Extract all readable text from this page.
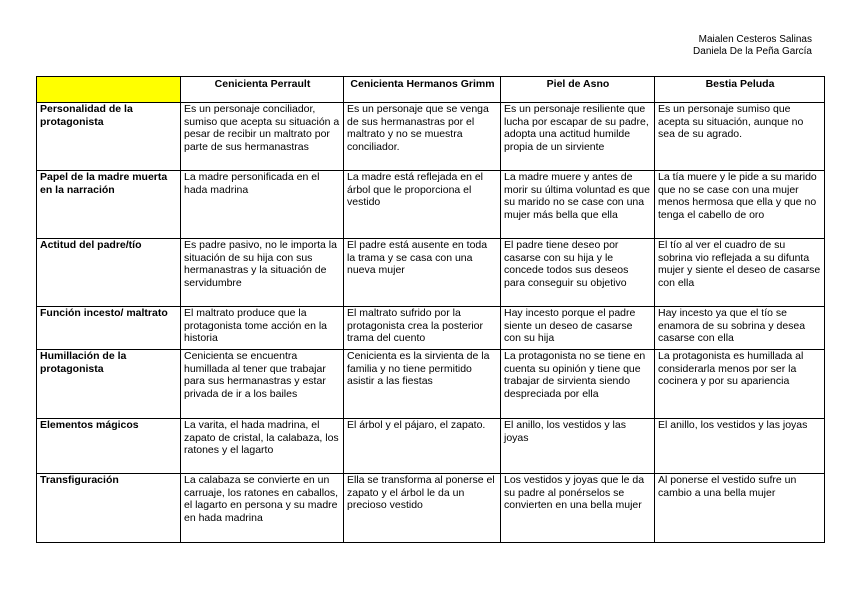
Maialen Cesteros Salinas
Daniela De la Peña García
	Cenicienta Perrault	Cenicienta Hermanos Grimm	Piel de Asno	Bestia Peluda
Personalidad de la protagonista	Es un personaje conciliador, sumiso que acepta su situación a pesar de recibir un maltrato por parte de sus hermanastras	Es un personaje que se venga de sus hermanastras por el maltrato y no se muestra conciliador.	Es un personaje resiliente que lucha por escapar de su padre, adopta una actitud humilde propia de un sirviente	Es un personaje sumiso que acepta su situación, aunque no sea de su agrado.
Papel de la madre muerta en la narración	La madre personificada en el hada madrina	La madre está reflejada en el árbol que le proporciona el vestido	La madre muere y antes de morir su última voluntad es que su marido no se case con una mujer más bella que ella	La tía muere y le pide a su marido que no se case con una mujer menos hermosa que ella y que no tenga el cabello de oro
Actitud del padre/tío	Es padre pasivo, no le importa la situación de su hija con sus hermanastras y la situación de servidumbre	El padre está ausente en toda la trama y se casa con una nueva mujer	El padre tiene deseo por casarse con su hija y le concede todos sus deseos para conseguir su objetivo	El tío al ver el cuadro de su sobrina vio reflejada a su difunta mujer y siente el deseo de casarse con ella
Función incesto/ maltrato	El maltrato produce que la protagonista tome acción en la historia	El maltrato sufrido por la protagonista crea la posterior trama del cuento	Hay incesto porque el padre siente un deseo de casarse con su hija	Hay incesto ya que el tío se enamora de su sobrina y desea casarse con ella
Humillación de la protagonista	Cenicienta se encuentra humillada al tener que trabajar para sus hermanastras y estar privada de ir a los bailes	Cenicienta es la sirvienta de la familia y no tiene permitido asistir a las fiestas	La protagonista no se tiene en cuenta su opinión y tiene que trabajar de sirvienta siendo despreciada por ella	La protagonista es humillada al considerarla menos por ser la cocinera y por su apariencia
Elementos mágicos	La varita, el hada madrina, el zapato de cristal, la calabaza, los ratones y el lagarto	El árbol y el pájaro, el zapato.	El anillo, los vestidos y las joyas	El anillo, los vestidos y las joyas
Transfiguración	La calabaza se convierte en un carruaje, los ratones en caballos, el lagarto en persona y su madre en hada madrina	Ella se transforma al ponerse el zapato y el árbol le da un precioso vestido	Los vestidos y joyas que le da su padre al ponérselos se convierten en una bella mujer	Al ponerse el vestido sufre un cambio a una bella mujer
